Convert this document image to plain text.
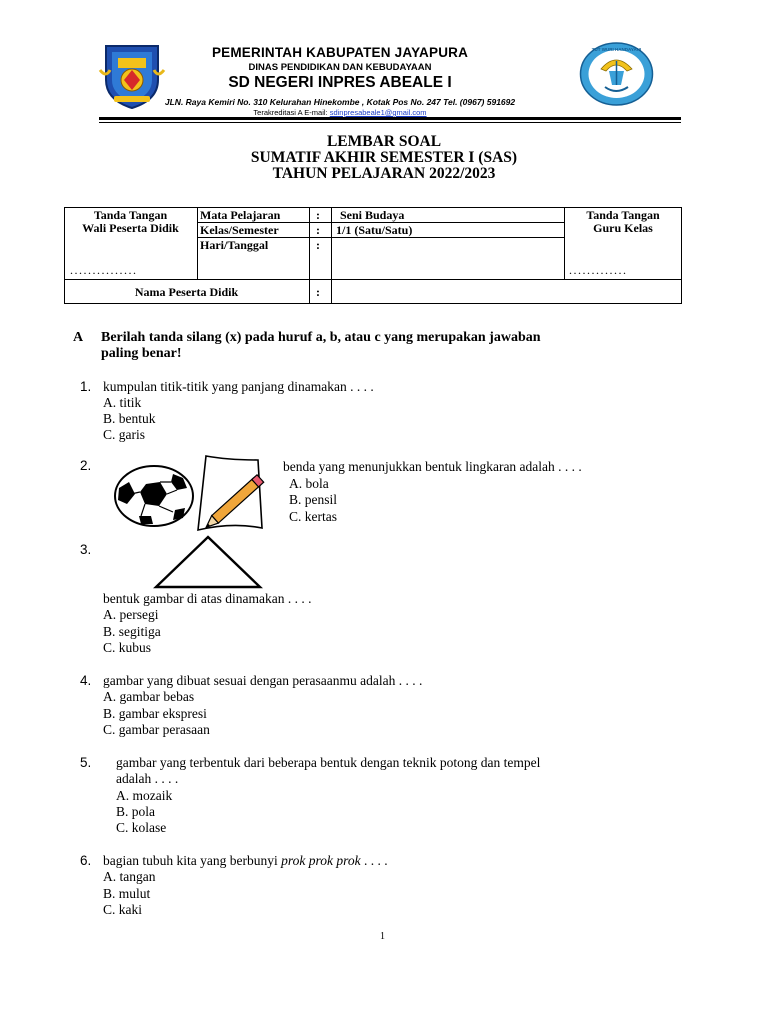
PEMERINTAH KABUPATEN JAYAPURA
DINAS PENDIDIKAN DAN KEBUDAYAAN
SD NEGERI INPRES ABEALE I
JLN. Raya Kemiri No. 310 Kelurahan Hinekombe , Kotak Pos No. 247 Tel. (0967) 591692
Terakreditasi A E-mail: sdinpresabeale1@gmail.com
TUT WURI HANDAYANI
LEMBAR SOAL
SUMATIF AKHIR SEMESTER I (SAS)
TAHUN PELAJARAN 2022/2023
Tanda Tangan
Wali Peserta Didik
...............
Mata Pelajaran
Kelas/Semester
Hari/Tanggal
:
:
:
Seni Budaya
1/1 (Satu/Satu)
Tanda Tangan
Guru Kelas
.............
Nama Peserta Didik	:
A Berilah tanda silang (x) pada huruf a, b, atau c yang merupakan jawaban
paling benar!
1. kumpulan titik-titik yang panjang dinamakan . . . .
A. titik
B. bentuk
C. garis
2.	benda yang menunjukkan bentuk lingkaran adalah . . . .
A. bola
B. pensil
C. kertas
3.
bentuk gambar di atas dinamakan . . . .
A. persegi
B. segitiga
C. kubus
4. gambar yang dibuat sesuai dengan perasaanmu adalah . . . .
A. gambar bebas
B. gambar ekspresi
C. gambar perasaan
5. gambar yang terbentuk dari beberapa bentuk dengan teknik potong dan tempel
adalah . . . .
A. mozaik
B. pola
C. kolase
6. bagian tubuh kita yang berbunyi prok prok prok . . . .
A. tangan
B. mulut
C. kaki
1
